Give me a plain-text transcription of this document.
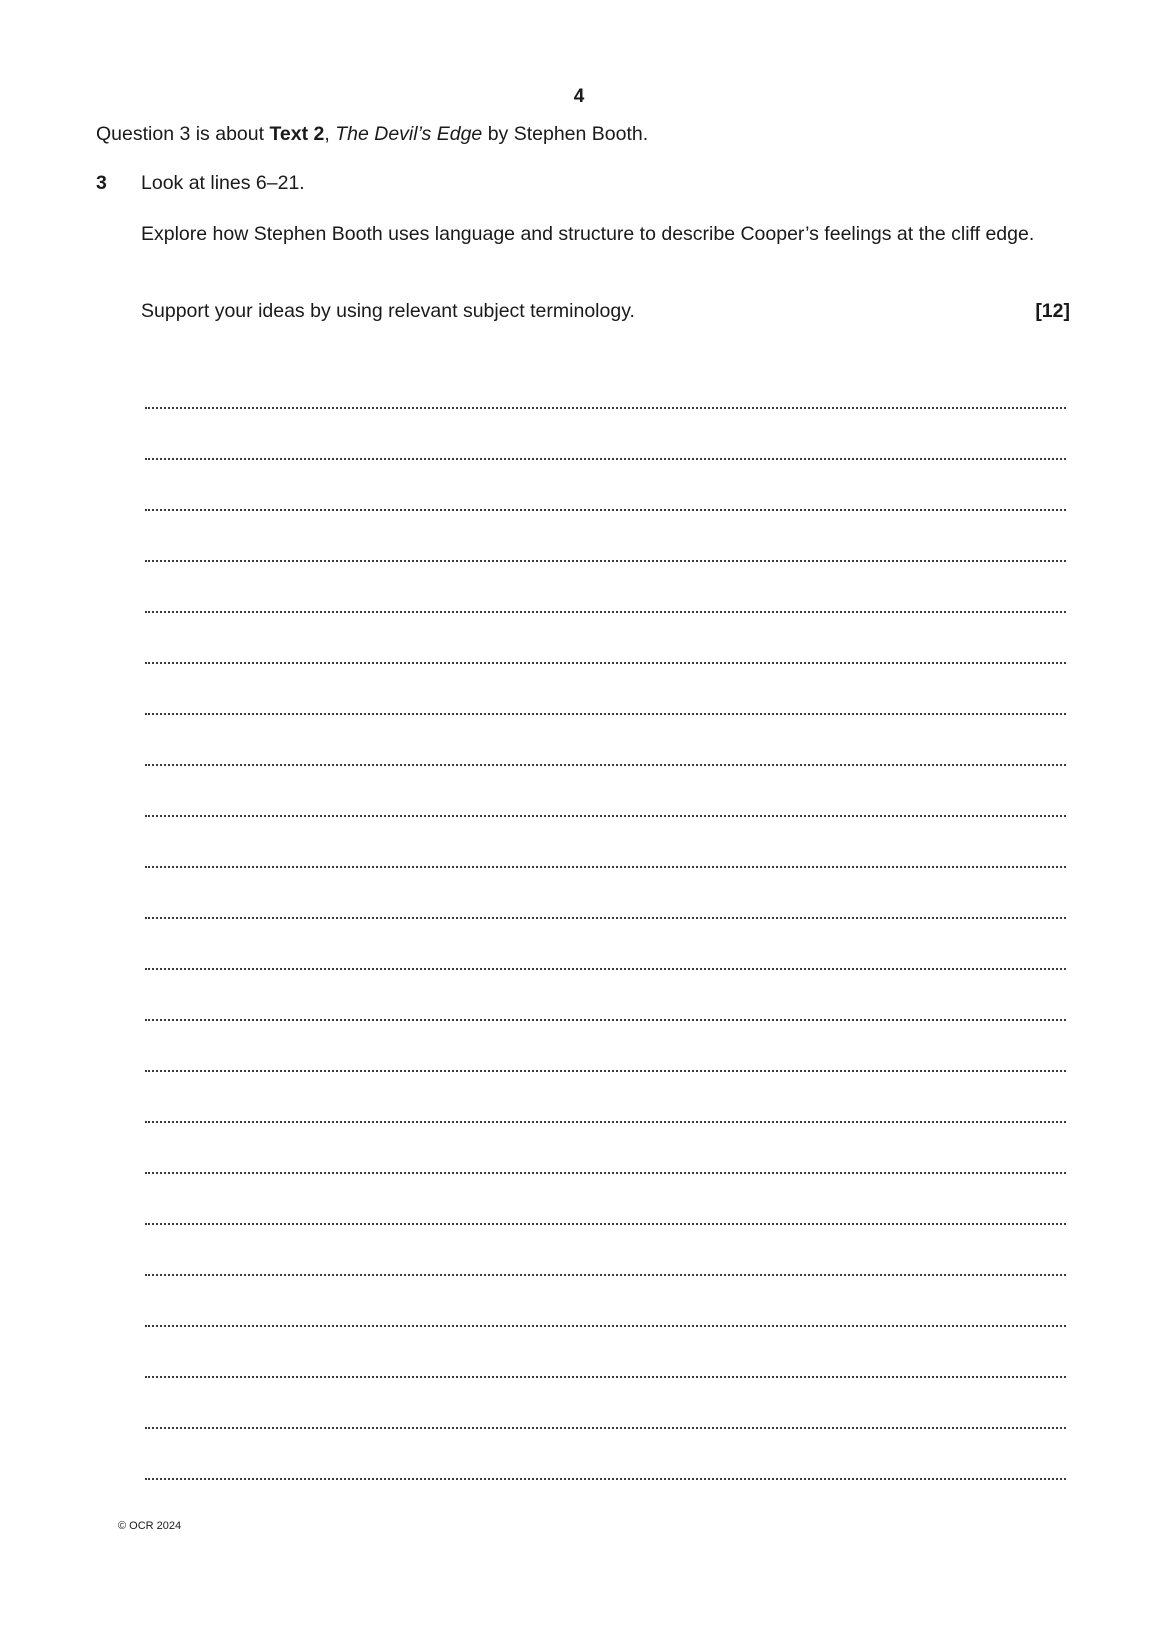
4
Question 3 is about Text 2, The Devil’s Edge by Stephen Booth.
3 Look at lines 6–21.
Explore how Stephen Booth uses language and structure to describe Cooper’s feelings at the cliff edge.
Support your ideas by using relevant subject terminology.	[12]
© OCR 2024
